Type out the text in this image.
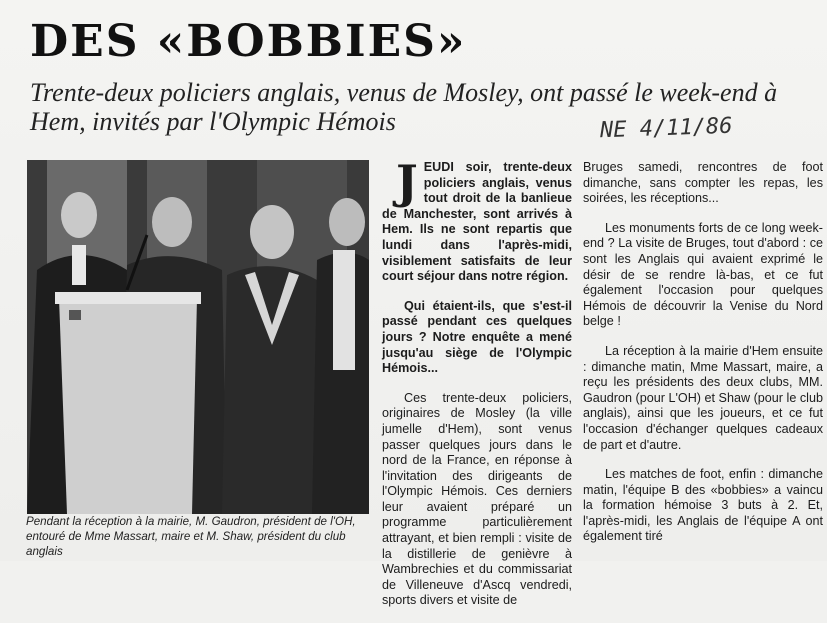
DES «BOBBIES»
Trente-deux policiers anglais, venus de Mosley, ont passé le week-end à Hem, invités par l'Olympic Hémois	NE 4/11/86
Pendant la réception à la mairie, M. Gaudron, président de l'OH, entouré de Mme Massart, maire et M. Shaw, président du club anglais

JEUDI soir, trente-deux policiers anglais, venus tout droit de la banlieue de Manchester, sont arrivés à Hem. Ils ne sont repartis que lundi dans l'après-midi, visiblement satisfaits de leur court séjour dans notre région.

Qui étaient-ils, que s'est-il passé pendant ces quelques jours ? Notre enquête a mené jusqu'au siège de l'Olympic Hémois...

Ces trente-deux policiers, originaires de Mosley (la ville jumelle d'Hem), sont venus passer quelques jours dans le nord de la France, en réponse à l'invitation des dirigeants de l'Olympic Hémois. Ces derniers leur avaient préparé un programme particulièrement attrayant, et bien rempli : visite de la distillerie de genièvre à Wambrechies et du commissariat de Villeneuve d'Ascq vendredi, sports divers et visite de

Bruges samedi, rencontres de foot dimanche, sans compter les repas, les soirées, les réceptions...

Les monuments forts de ce long week-end ? La visite de Bruges, tout d'abord : ce sont les Anglais qui avaient exprimé le désir de se rendre là-bas, et ce fut également l'occasion pour quelques Hémois de découvrir la Venise du Nord belge !

La réception à la mairie d'Hem ensuite : dimanche matin, Mme Massart, maire, a reçu les présidents des deux clubs, MM. Gaudron (pour L'OH) et Shaw (pour le club anglais), ainsi que les joueurs, et ce fut l'occasion d'échanger quelques cadeaux de part et d'autre.

Les matches de foot, enfin : dimanche matin, l'équipe B des «bobbies» a vaincu la formation hémoise 3 buts à 2. Et, l'après-midi, les Anglais de l'équipe A ont également tiré
